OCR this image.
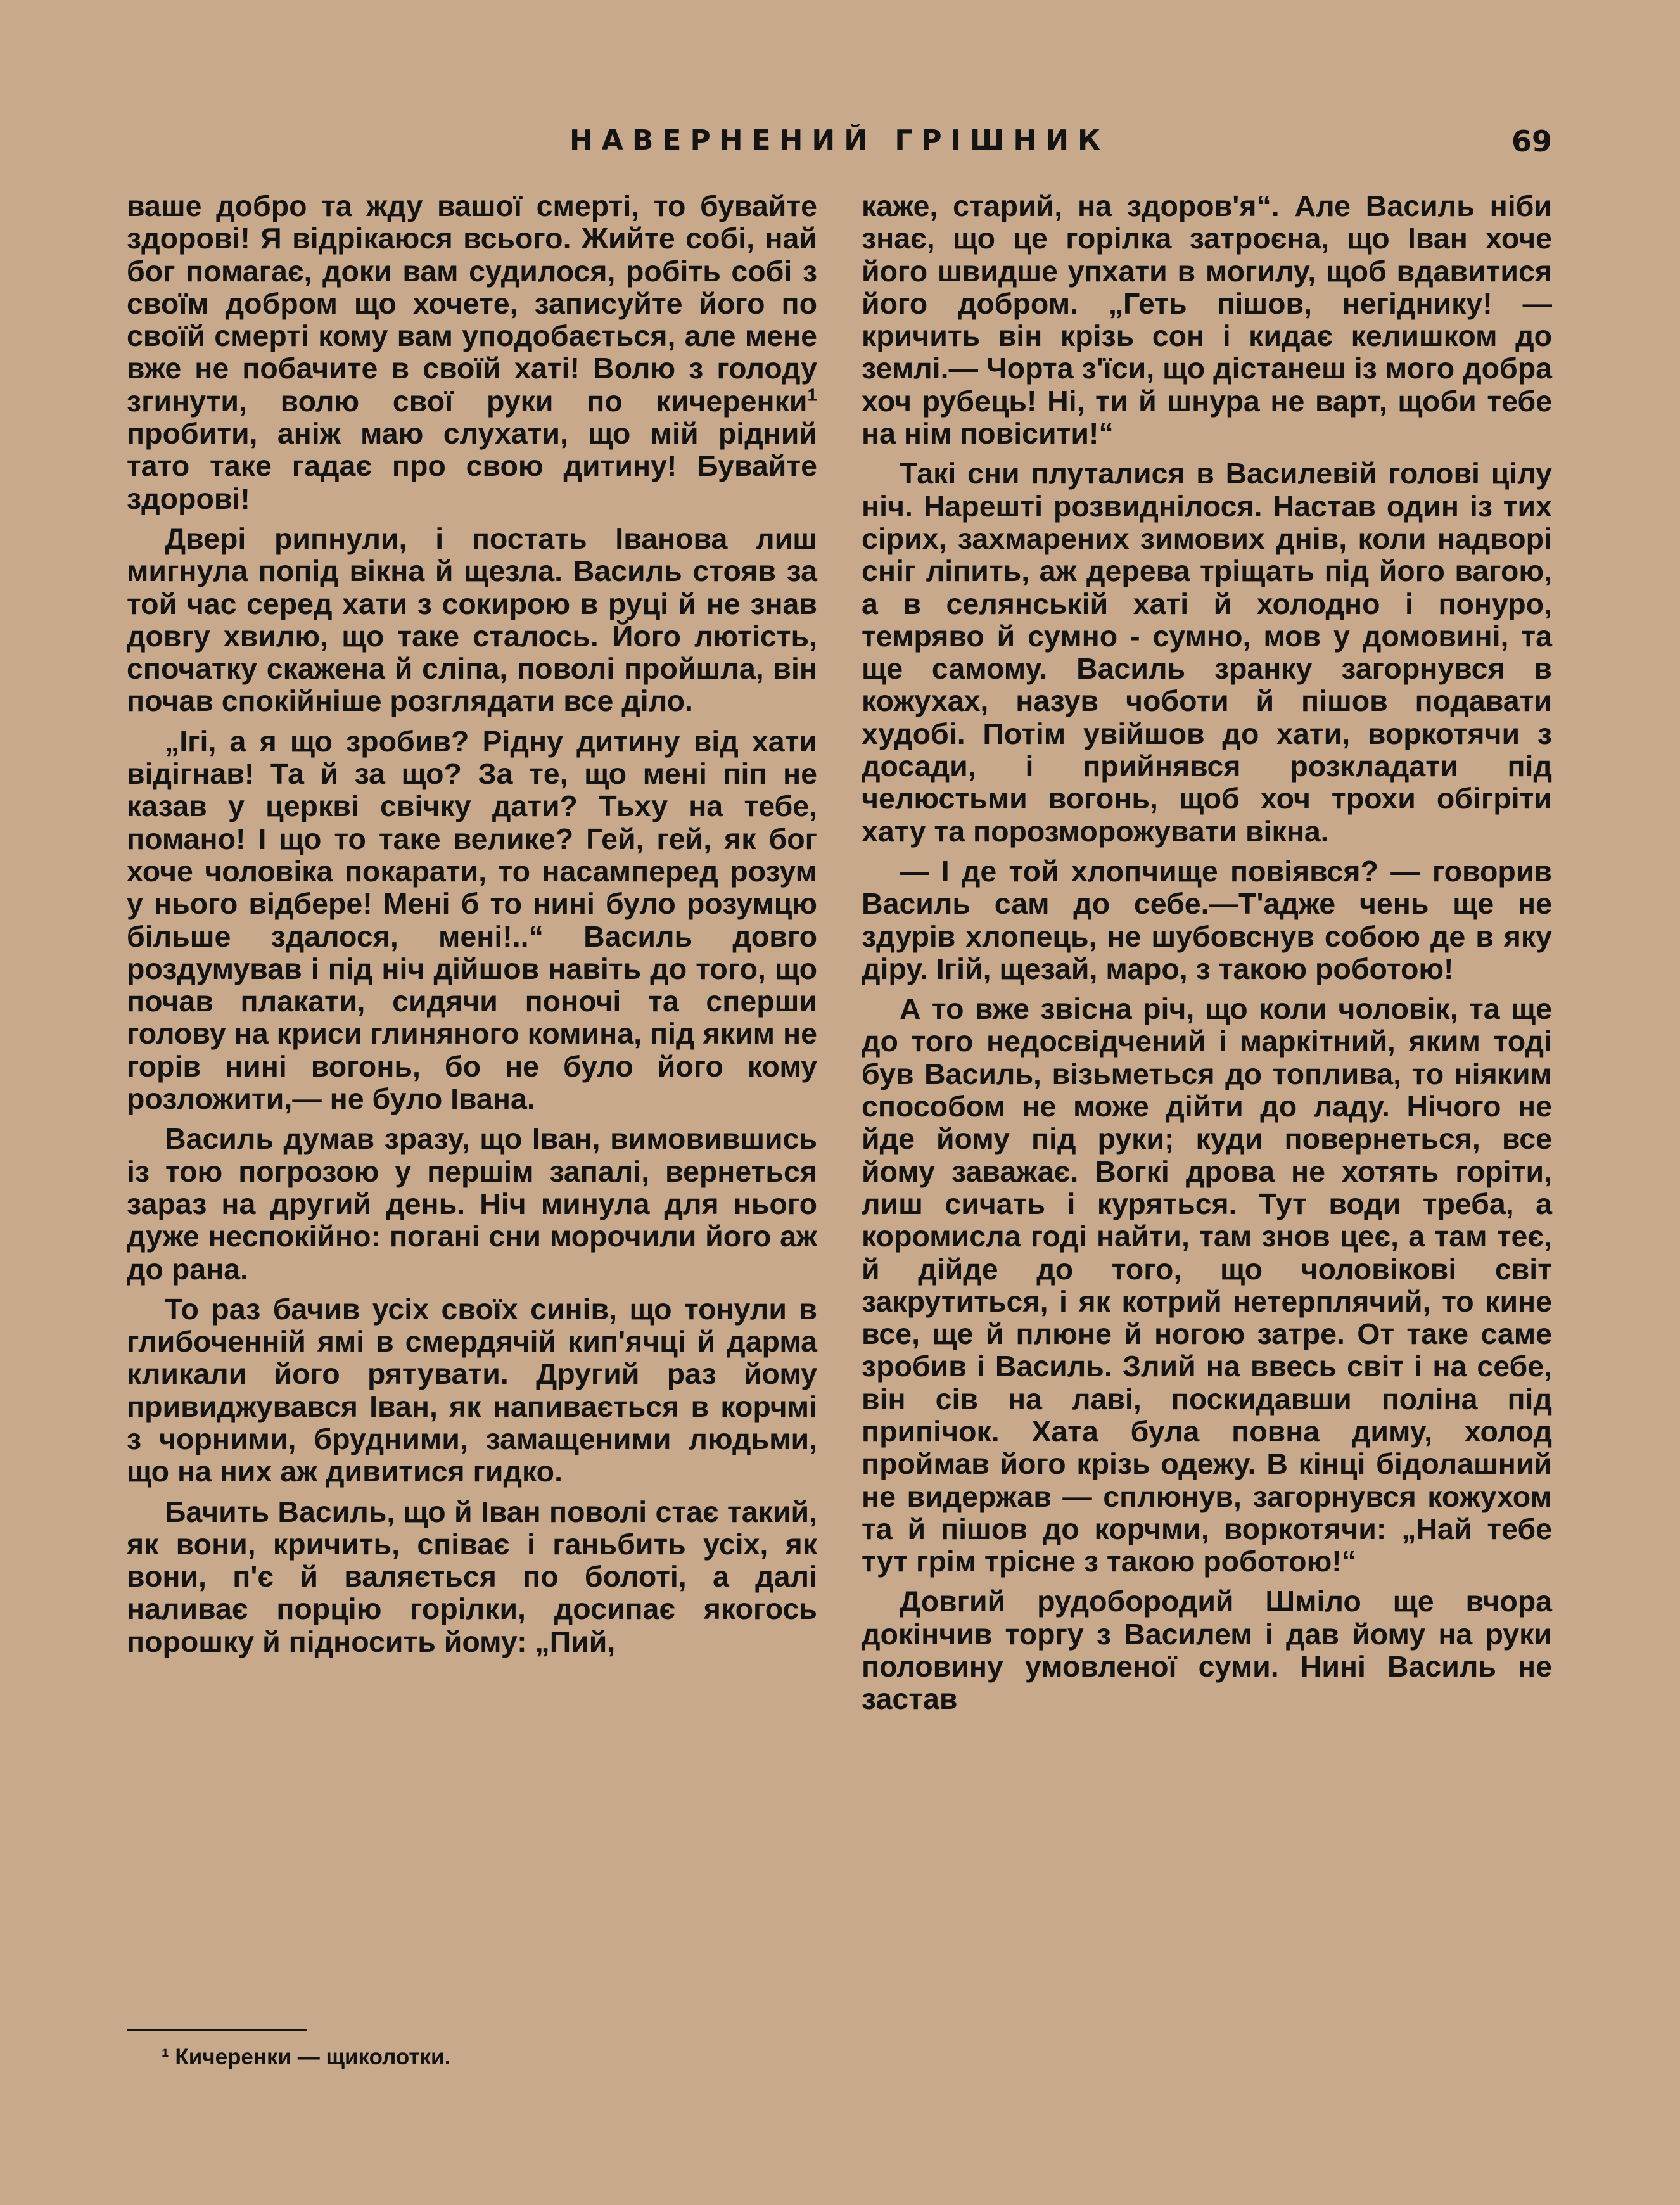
НАВЕРНЕНИЙ ГРІШНИК	69

ваше добро та жду вашої смерті, то бувайте здорові! Я відрікаюся всього. Жийте собі, най бог помагає, доки вам судилося, робіть собі з своїм добром що хочете, записуйте його по своїй смерті кому вам уподобається, але мене вже не побачите в своїй хаті! Волю з голоду згинути, волю свої руки по кичеренки$^1$ пробити, аніж маю слухати, що мій рідний тато таке гадає про свою дитину! Бувайте здорові!

Двері рипнули, і постать Іванова лиш мигнула попід вікна й щезла. Василь стояв за той час серед хати з сокирою в руці й не знав довгу хвилю, що таке сталось. Його лютість, спочатку скажена й сліпа, поволі пройшла, він почав спокійніше розглядати все діло.

„Ігі, а я що зробив? Рідну дитину від хати відігнав! Та й за що? За те, що мені піп не казав у церкві свічку дати? Тьху на тебе, помано! І що то таке велике? Гей, гей, як бог хоче чоловіка покарати, то насамперед розум у нього відбере! Мені б то нині було розумцю більше здалося, мені!..“ Василь довго роздумував і під ніч дійшов навіть до того, що почав плакати, сидячи поночі та сперши голову на криси глиняного комина, під яким не горів нині вогонь, бо не було його кому розложити,— не було Івана.

Василь думав зразу, що Іван, вимовившись із тою погрозою у першім запалі, вернеться зараз на другий день. Ніч минула для нього дуже неспокійно: погані сни морочили його аж до рана.

То раз бачив усіх своїх синів, що тонули в глибоченній ямі в смердячій кип'ячці й дарма кликали його рятувати. Другий раз йому привиджувався Іван, як напивається в корчмі з чорними, брудними, замащеними людьми, що на них аж дивитися гидко.

Бачить Василь, що й Іван поволі стає такий, як вони, кричить, співає і ганьбить усіх, як вони, п'є й валяється по болоті, а далі наливає порцію горілки, досипає якогось порошку й підносить йому: „Пий,

каже, старий, на здоров'я“. Але Василь ніби знає, що це горілка затроєна, що Іван хоче його швидше упхати в могилу, щоб вдавитися його добром. „Геть пішов, негіднику! — кричить він крізь сон і кидає келишком до землі.— Чорта з'їси, що дістанеш із мого добра хоч рубець! Ні, ти й шнура не варт, щоби тебе на нім повісити!“

Такі сни плуталися в Василевій голові цілу ніч. Нарешті розвиднілося. Настав один із тих сірих, захмарених зимових днів, коли надворі сніг ліпить, аж дерева тріщать під його вагою, а в селянській хаті й холодно і понуро, темряво й сумно - сумно, мов у домовині, та ще самому. Василь зранку загорнувся в кожухах, назув чоботи й пішов подавати худобі. Потім увійшов до хати, воркотячи з досади, і прийнявся розкладати під челюстьми вогонь, щоб хоч трохи обігріти хату та порозморожувати вікна.

— І де той хлопчище повіявся? — говорив Василь сам до себе.—Т'адже чень ще не здурів хлопець, не шубовснув собою де в яку діру. Ігій, щезай, маро, з такою роботою!

А то вже звісна річ, що коли чоловік, та ще до того недосвідчений і маркітний, яким тоді був Василь, візьметься до топлива, то ніяким способом не може дійти до ладу. Нічого не йде йому під руки; куди повернеться, все йому заважає. Вогкі дрова не хотять горіти, лиш сичать і куряться. Тут води треба, а коромисла годі найти, там знов цеє, а там теє, й дійде до того, що чоловікові світ закрутиться, і як котрий нетерплячий, то кине все, ще й плюне й ногою затре. От таке саме зробив і Василь. Злий на ввесь світ і на себе, він сів на лаві, поскидавши поліна під припічок. Хата була повна диму, холод проймав його крізь одежу. В кінці бідолашний не видержав — сплюнув, загорнувся кожухом та й пішов до корчми, воркотячи: „Най тебе тут грім трісне з такою роботою!“

Довгий рудобородий Шміло ще вчора докінчив торгу з Василем і дав йому на руки половину умовленої суми. Нині Василь не застав

¹ Кичеренки — щиколотки.
